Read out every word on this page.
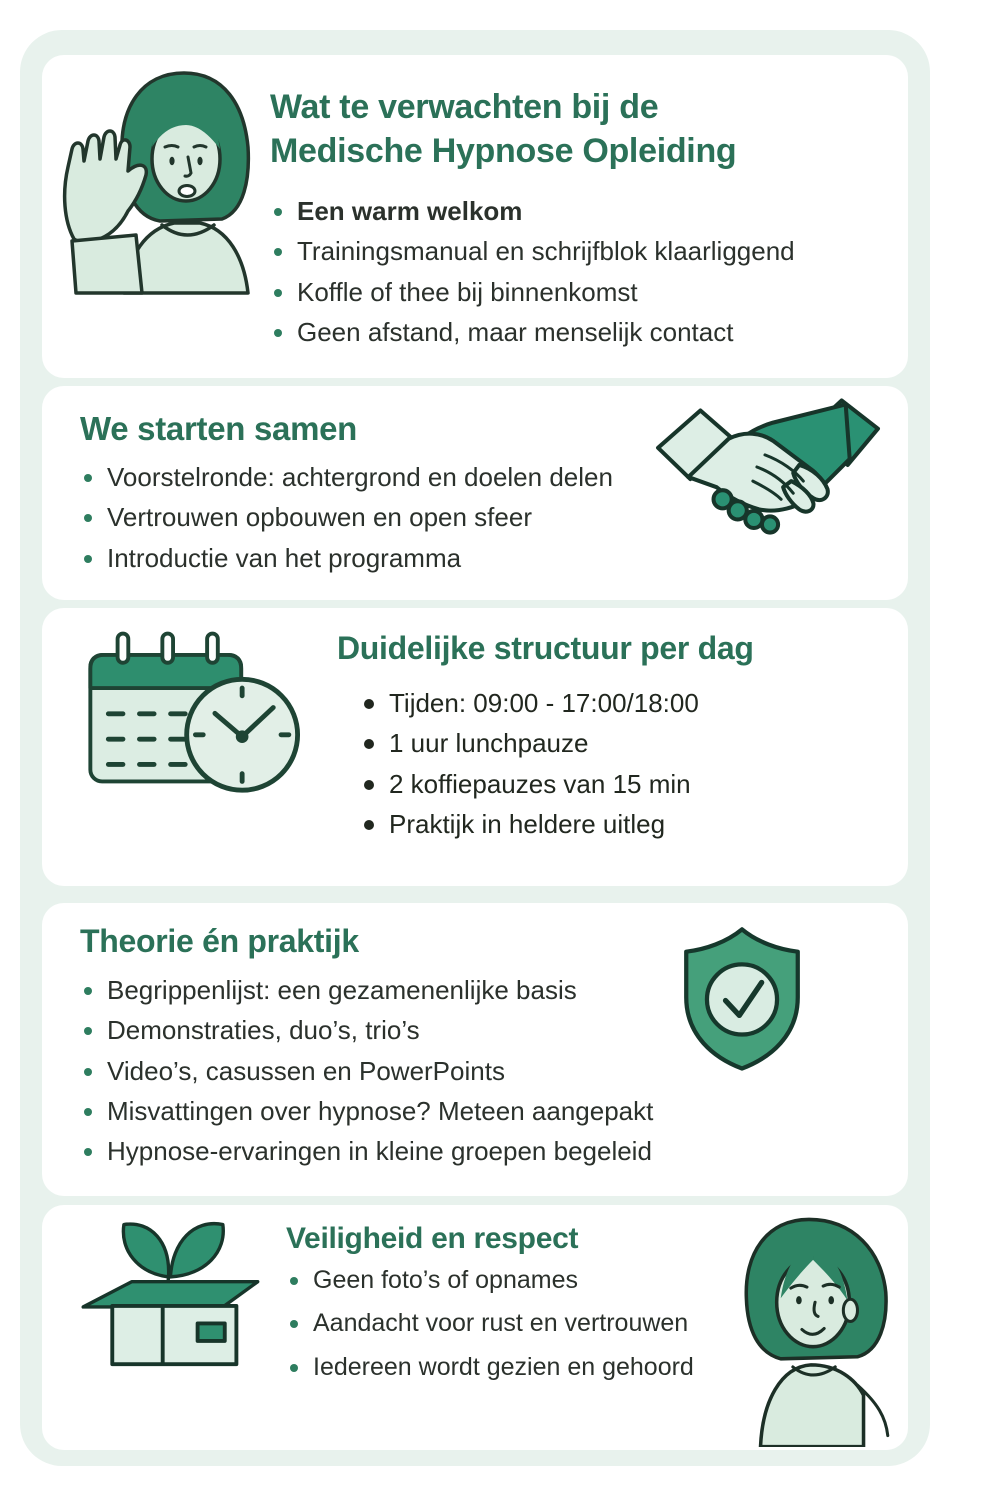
Wat te verwachten bij de Medische Hypnose Opleiding
Een warm welkom
Trainingsmanual en schrijfblok klaarliggend
Koffle of thee bij binnenkomst
Geen afstand, maar menselijk contact
We starten samen
Voorstelronde: achtergrond en doelen delen
Vertrouwen opbouwen en open sfeer
Introductie van het programma
Duidelijke structuur per dag
Tijden: 09:00 - 17:00/18:00
1 uur lunchpauze
2 koffiepauzes van 15 min
Praktijk in heldere uitleg
Theorie én praktijk
Begrippenlijst: een gezamenenlijke basis
Demonstraties, duo’s, trio’s
Video’s, casussen en PowerPoints
Misvattingen over hypnose? Meteen aangepakt
Hypnose-ervaringen in kleine groepen begeleid
Veiligheid en respect
Geen foto’s of opnames
Aandacht voor rust en vertrouwen
Iedereen wordt gezien en gehoord
